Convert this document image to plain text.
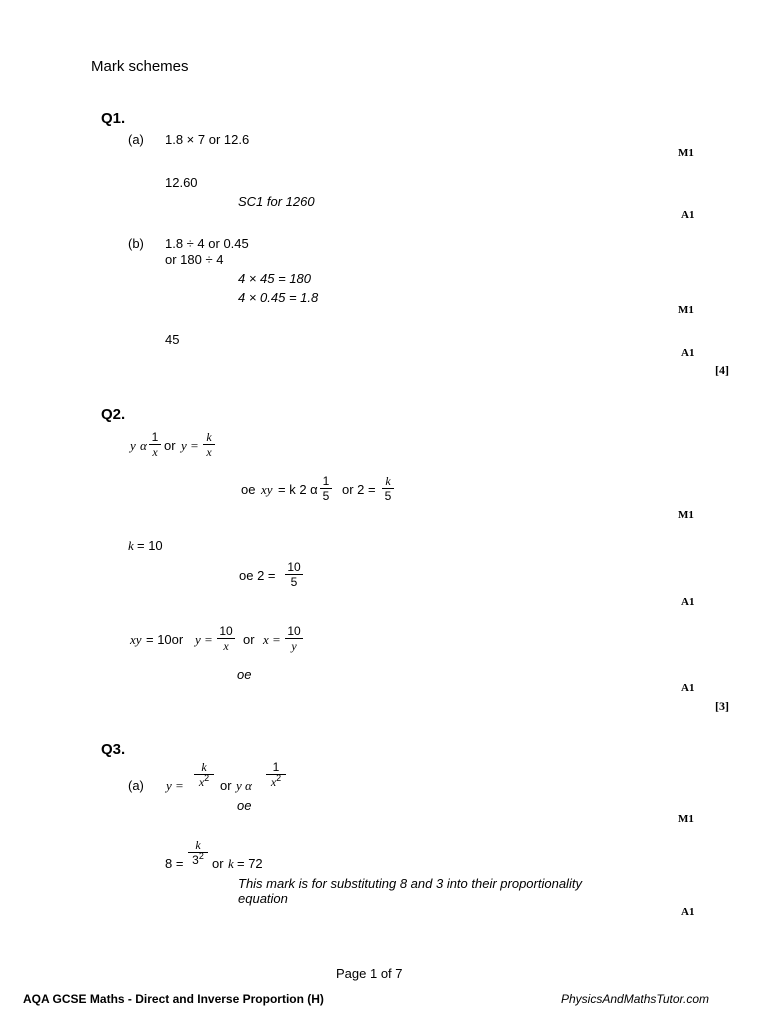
Mark schemes
Q1.
(a) 1.8 × 7 or 12.6
M1
12.60
SC1 for 1260
A1
(b) 1.8 ÷ 4 or 0.45
or 180 ÷ 4
4 × 45 = 180
4 × 0.45 = 1.8
M1
45
A1
[4]
Q2.
y α $\frac{1}{x}$ or $y = \frac{k}{x}$
oe xy = k 2 α $\frac{1}{5}$ or $2 = \frac{k}{5}$
M1
k = 10
oe $2 = \frac{10}{5}$
A1
xy = 10or $y = \frac{10}{x}$ or $x = \frac{10}{y}$
oe
A1
[3]
Q3.
(a) $y = \frac{k}{x^2}$ or y α $\frac{1}{x^2}$
oe
M1
$8 = \frac{k}{3^2}$ or k = 72
This mark is for substituting 8 and 3 into their proportionality
equation
A1
Page 1 of 7
AQA GCSE Maths - Direct and Inverse Proportion (H)	PhysicsAndMathsTutor.com
